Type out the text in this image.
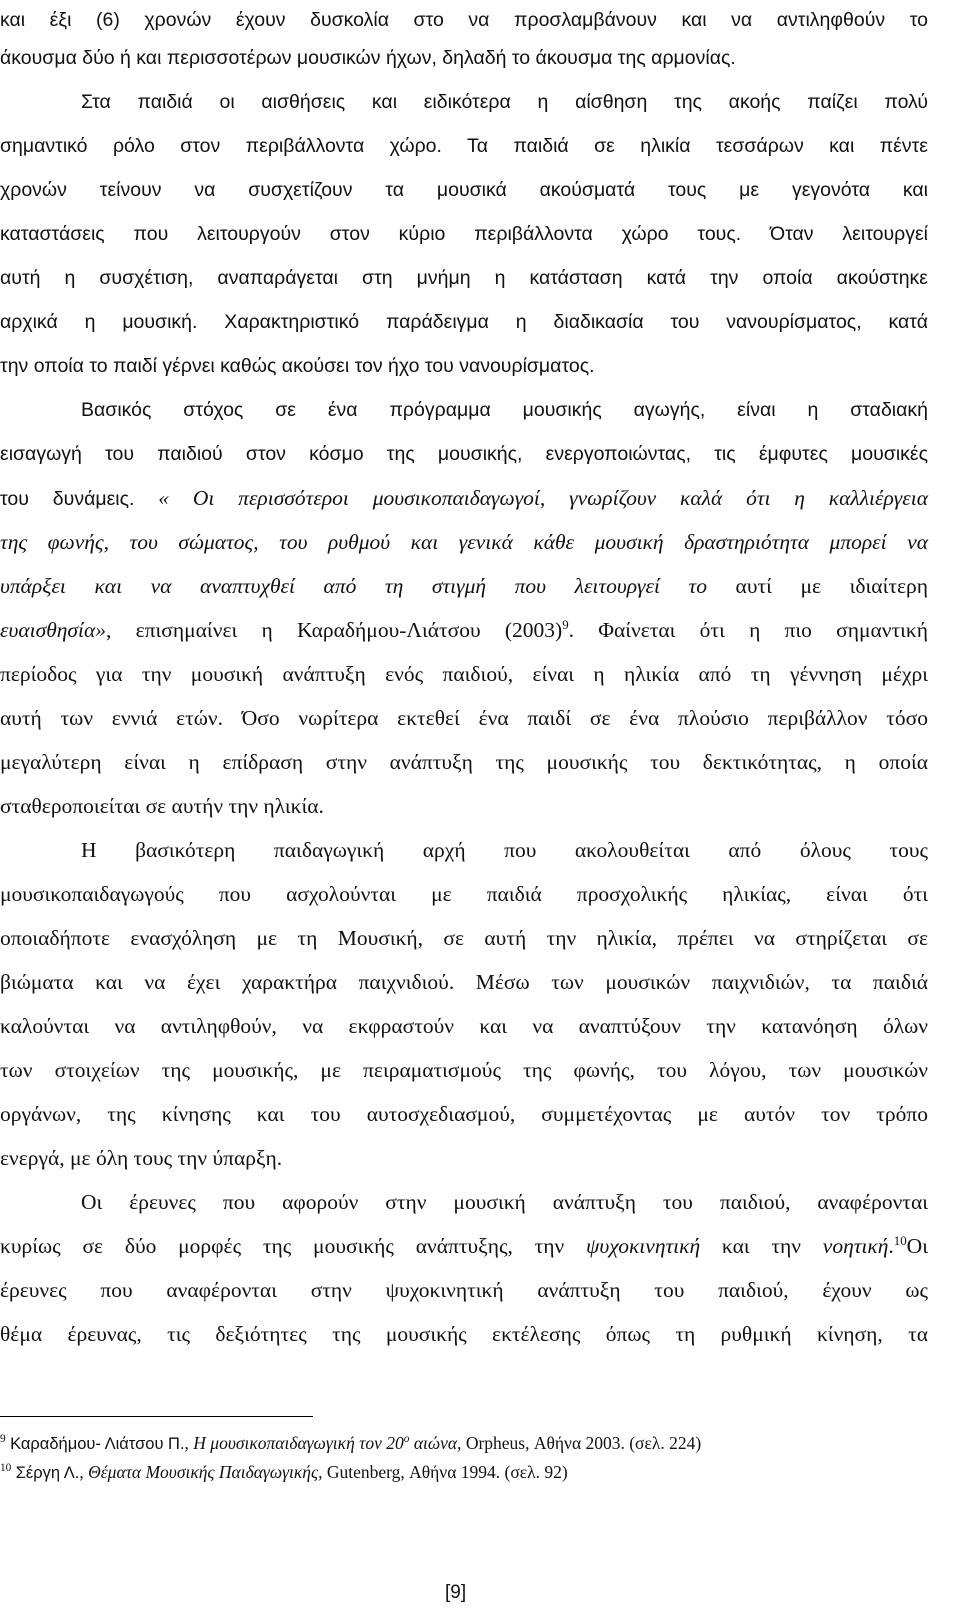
και έξι (6) χρονών έχουν δυσκολία στο να προσλαμβάνουν και να αντιληφθούν το
άκουσμα δύο ή και περισσοτέρων μουσικών ήχων, δηλαδή το άκουσμα της αρμονίας.
Στα παιδιά οι αισθήσεις και ειδικότερα η αίσθηση της ακοής παίζει πολύ
σημαντικό ρόλο στον περιβάλλοντα χώρο. Τα παιδιά σε ηλικία τεσσάρων και πέντε
χρονών τείνουν να συσχετίζουν τα μουσικά ακούσματά τους με γεγονότα και
καταστάσεις που λειτουργούν στον κύριο περιβάλλοντα χώρο τους. Όταν λειτουργεί
αυτή η συσχέτιση, αναπαράγεται στη μνήμη η κατάσταση κατά την οποία ακούστηκε
αρχικά η μουσική. Χαρακτηριστικό παράδειγμα η διαδικασία του νανουρίσματος, κατά
την οποία το παιδί γέρνει καθώς ακούσει τον ήχο του νανουρίσματος.
Βασικός στόχος σε ένα πρόγραμμα μουσικής αγωγής, είναι η σταδιακή
εισαγωγή του παιδιού στον κόσμο της μουσικής, ενεργοποιώντας, τις έμφυτες μουσικές
του δυνάμεις. « Οι περισσότεροι μουσικοπαιδαγωγοί, γνωρίζουν καλά ότι η καλλιέργεια
της φωνής, του σώματος, του ρυθμού και γενικά κάθε μουσική δραστηριότητα μπορεί να
υπάρξει και να αναπτυχθεί από τη στιγμή που λειτουργεί το αυτί με ιδιαίτερη
ευαισθησία», επισημαίνει η Καραδήμου-Λιάτσου $(2003)^9$. Φαίνεται ότι η πιο σημαντική
περίοδος για την μουσική ανάπτυξη ενός παιδιού, είναι η ηλικία από τη γέννηση μέχρι
αυτή των εννιά ετών. Όσο νωρίτερα εκτεθεί ένα παιδί σε ένα πλούσιο περιβάλλον τόσο
μεγαλύτερη είναι η επίδραση στην ανάπτυξη της μουσικής του δεκτικότητας, η οποία
σταθεροποιείται σε αυτήν την ηλικία.
Η βασικότερη παιδαγωγική αρχή που ακολουθείται από όλους τους
μουσικοπαιδαγωγούς που ασχολούνται με παιδιά προσχολικής ηλικίας, είναι ότι
οποιαδήποτε ενασχόληση με τη Μουσική, σε αυτή την ηλικία, πρέπει να στηρίζεται σε
βιώματα και να έχει χαρακτήρα παιχνιδιού. Μέσω των μουσικών παιχνιδιών, τα παιδιά
καλούνται να αντιληφθούν, να εκφραστούν και να αναπτύξουν την κατανόηση όλων
των στοιχείων της μουσικής, με πειραματισμούς της φωνής, του λόγου, των μουσικών
οργάνων, της κίνησης και του αυτοσχεδιασμού, συμμετέχοντας με αυτόν τον τρόπο
ενεργά, με όλη τους την ύπαρξη.
Οι έρευνες που αφορούν στην μουσική ανάπτυξη του παιδιού, αναφέρονται
κυρίως σε δύο μορφές της μουσικής ανάπτυξης, την ψυχοκινητική και την νοητική.$^{10}$Οι
έρευνες που αναφέρονται στην ψυχοκινητική ανάπτυξη του παιδιού, έχουν ως
θέμα έρευνας, τις δεξιότητες της μουσικής εκτέλεσης όπως τη ρυθμική κίνηση, τα
$^9$ Καραδήμου- Λιάτσου Π., Η μουσικοπαιδαγωγική τον $20^o$ αιώνα, Orpheus, Αθήνα 2003. (σελ. 224)
$^{10}$ Σέργη Λ., Θέματα Μουσικής Παιδαγωγικής, Gutenberg, Αθήνα 1994. (σελ. 92)
[9]
